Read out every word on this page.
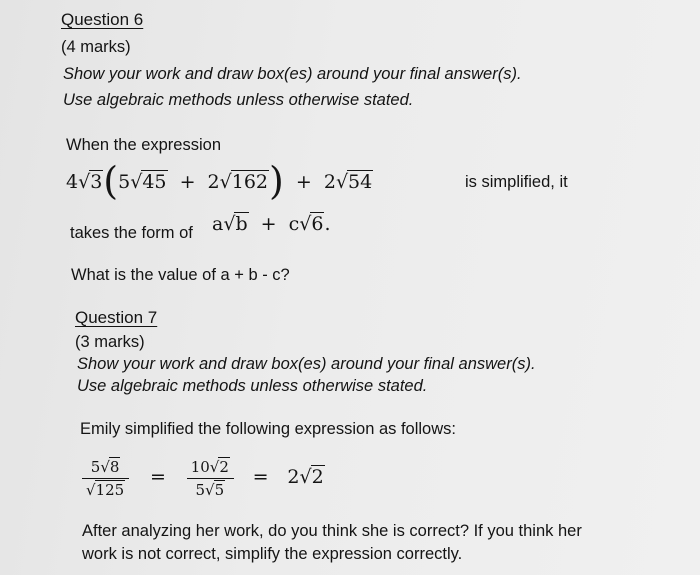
Question 6
(4 marks)
Show your work and draw box(es) around your final answer(s).
Use algebraic methods unless otherwise stated.
When the expression
4√3(5√45 + 2√162) + 2√54	is simplified, it
takes the form of a√b + c√6.
What is the value of a + b - c?
Question 7
(3 marks)
Show your work and draw box(es) around your final answer(s).
Use algebraic methods unless otherwise stated.
Emily simplified the following expression as follows:
$\frac{5√8}{√125} = \frac{10√2}{5√5} = 2√2$
After analyzing her work, do you think she is correct? If you think her
work is not correct, simplify the expression correctly.
